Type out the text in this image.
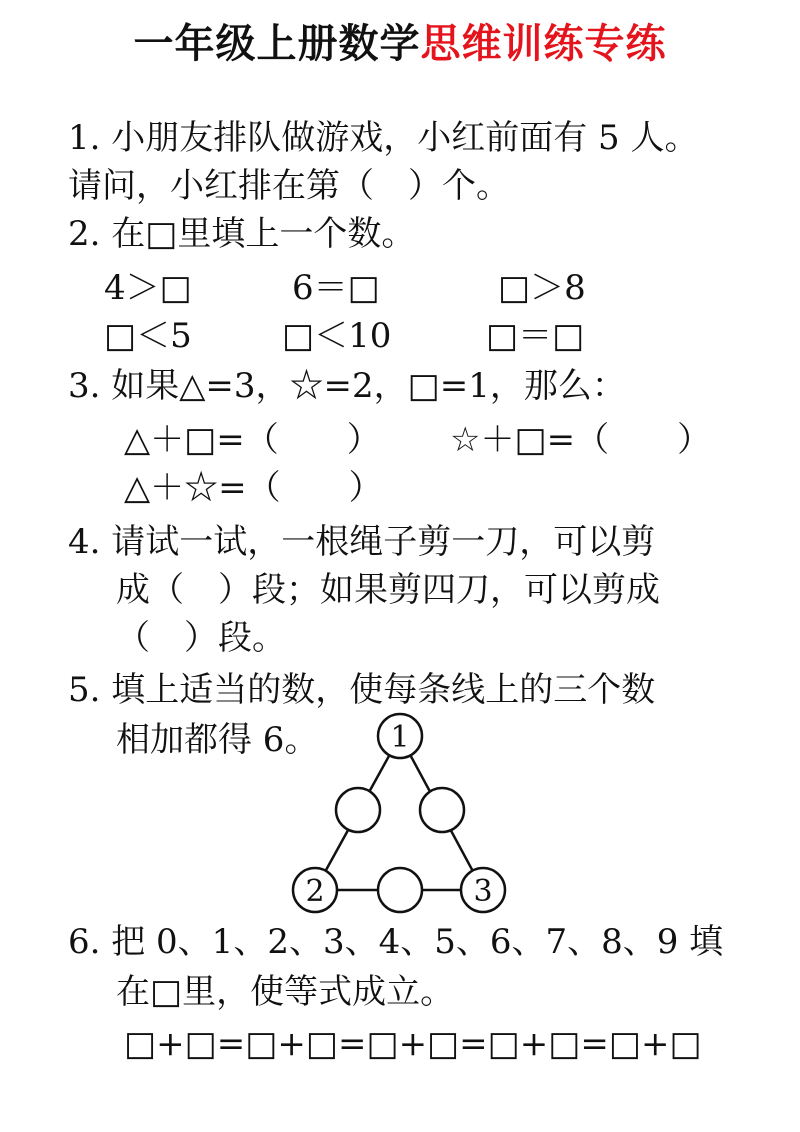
一年级上册数学思维训练专练
1. 小朋友排队做游戏，小红前面有 5 人。
请问，小红排在第（　）个。
2. 在□里填上一个数。
4＞□	6＝□	□＞8
□＜5	□＜10	□＝□
3. 如果△=3，☆=2，□=1，那么：
△＋□=（　　） ☆＋□=（　　）
△＋☆=（　　）
4. 请试一试，一根绳子剪一刀，可以剪
成（　）段；如果剪四刀，可以剪成
（　）段。
5. 填上适当的数，使每条线上的三个数
相加都得 6。 1
2	3
6. 把 0、1、2、3、4、5、6、7、8、9 填
在□里，使等式成立。
□+□=□+□=□+□=□+□=□+□
